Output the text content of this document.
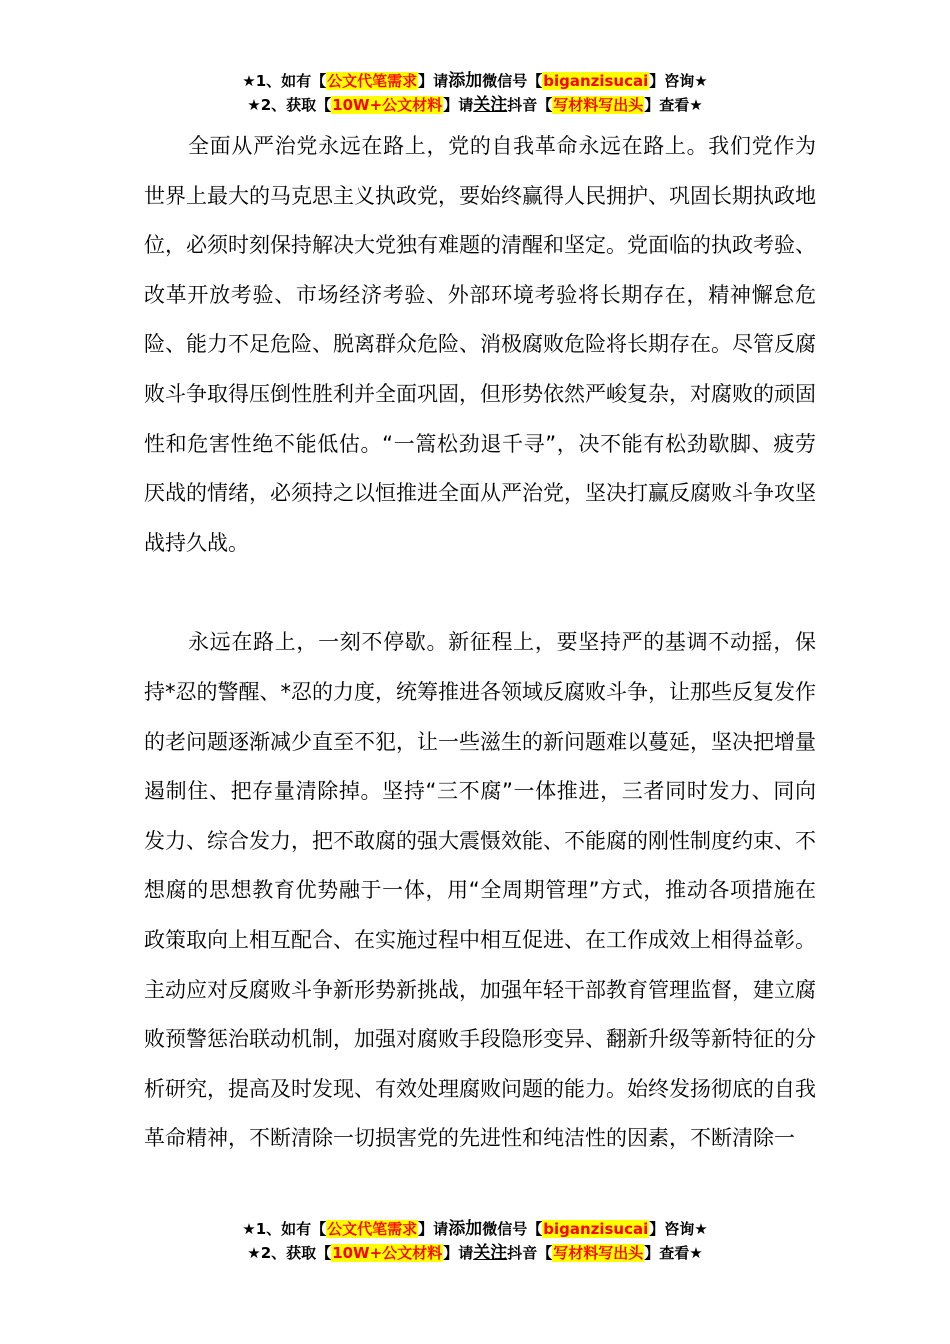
★1、如有【公文代笔需求】请添加微信号【biganzisucai】咨询★
★2、获取【10W+公文材料】请关注抖音【写材料写出头】查看★

全面从严治党永远在路上，党的自我革命永远在路上。我们党作为世界上最大的马克思主义执政党，要始终赢得人民拥护、巩固长期执政地位，必须时刻保持解决大党独有难题的清醒和坚定。党面临的执政考验、改革开放考验、市场经济考验、外部环境考验将长期存在，精神懈怠危险、能力不足危险、脱离群众危险、消极腐败危险将长期存在。尽管反腐败斗争取得压倒性胜利并全面巩固，但形势依然严峻复杂，对腐败的顽固性和危害性绝不能低估。“一篙松劲退千寻”，决不能有松劲歇脚、疲劳厌战的情绪，必须持之以恒推进全面从严治党，坚决打赢反腐败斗争攻坚战持久战。

永远在路上，一刻不停歇。新征程上，要坚持严的基调不动摇，保持*忍的警醒、*忍的力度，统筹推进各领域反腐败斗争，让那些反复发作的老问题逐渐减少直至不犯，让一些滋生的新问题难以蔓延，坚决把增量遏制住、把存量清除掉。坚持“三不腐”一体推进，三者同时发力、同向发力、综合发力，把不敢腐的强大震慑效能、不能腐的刚性制度约束、不想腐的思想教育优势融于一体，用“全周期管理”方式，推动各项措施在政策取向上相互配合、在实施过程中相互促进、在工作成效上相得益彰。主动应对反腐败斗争新形势新挑战，加强年轻干部教育管理监督，建立腐败预警惩治联动机制，加强对腐败手段隐形变异、翻新升级等新特征的分析研究，提高及时发现、有效处理腐败问题的能力。始终发扬彻底的自我革命精神，不断清除一切损害党的先进性和纯洁性的因素，不断清除一

★1、如有【公文代笔需求】请添加微信号【biganzisucai】咨询★
★2、获取【10W+公文材料】请关注抖音【写材料写出头】查看★
